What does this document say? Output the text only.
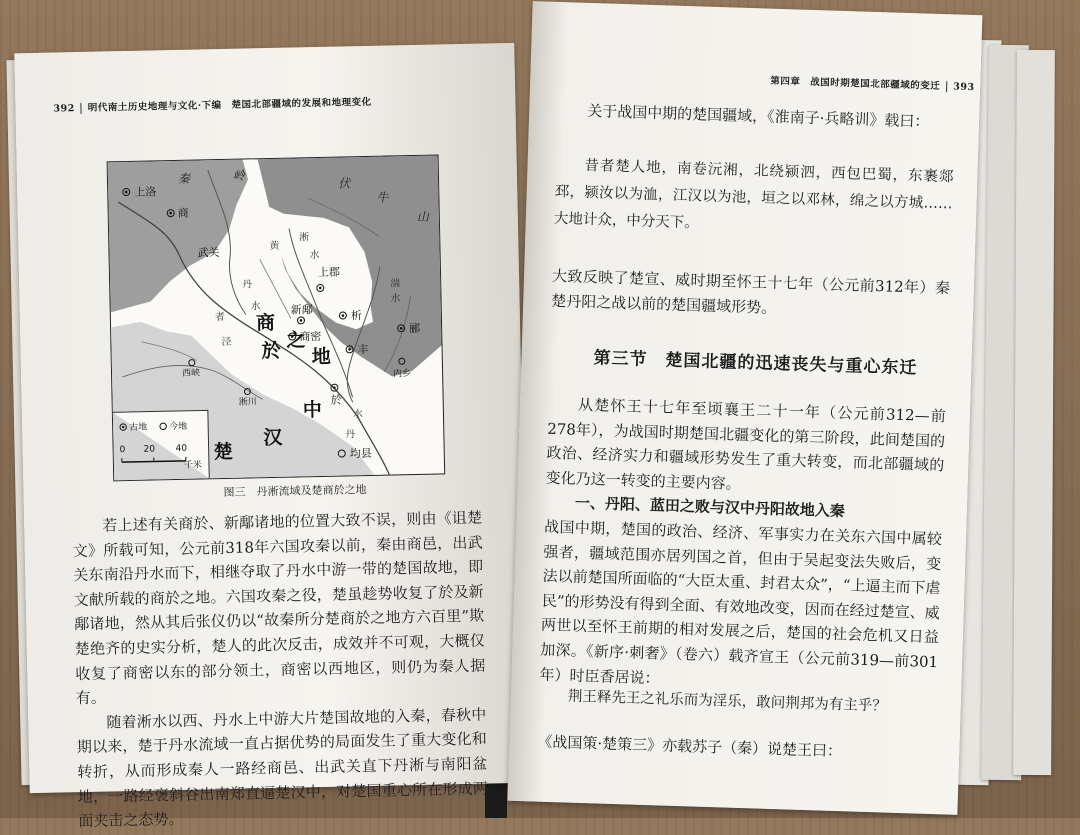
392 明代南土历史地理与文化·下编　 楚国北部疆域的发展和地理变化
上洛
商
武关
上郡
新鄅	析
商密
丰
郦
於
均县
内乡
西峡
淅川
商
於 之
地
中
汉
楚
秦	岭
伏
牛
山
丹
水
淅
水
黄
湍
水
者
泾
丹
水
古地 今地
0 20 40
千米
图三　丹淅流域及楚商於之地

若上述有关商於、新鄅诸地的位置大致不误，则由《诅楚文》所载可知，公元前318年六国攻秦以前，秦由商邑，出武关东南沿丹水而下，相继夺取了丹水中游一带的楚国故地，即文献所载的商於之地。六国攻秦之役，楚虽趁势收复了於及新鄅诸地，然从其后张仪仍以“故秦所分楚商於之地方六百里”欺楚绝齐的史实分析，楚人的此次反击，成效并不可观，大概仅收复了商密以东的部分领土，商密以西地区，则仍为秦人据有。

随着淅水以西、丹水上中游大片楚国故地的入秦，春秋中期以来，楚于丹水流域一直占据优势的局面发生了重大变化和转折，从而形成秦人一路经商邑、出武关直下丹淅与南阳盆地，一路经褒斜谷出南郑直逼楚汉中，对楚国重心所在形成两面夹击之态势。

第四章　战国时期楚国北部疆域的变迁 393

关于战国中期的楚国疆域，《淮南子·兵略训》载曰：

昔者楚人地，南卷沅湘，北绕颍泗，西包巴蜀，东裹郯邳，颍汝以为洫，江汉以为池，垣之以邓林，绵之以方城……大地计众，中分天下。

大致反映了楚宣、威时期至怀王十七年（公元前312年）秦楚丹阳之战以前的楚国疆域形势。

第三节　楚国北疆的迅速丧失与重心东迁

从楚怀王十七年至顷襄王二十一年（公元前312—前278年），为战国时期楚国北疆变化的第三阶段，此间楚国的政治、经济实力和疆域形势发生了重大转变，而北部疆域的变化乃这一转变的主要内容。

一、丹阳、蓝田之败与汉中丹阳故地入秦

战国中期，楚国的政治、经济、军事实力在关东六国中属较强者，疆域范围亦居列国之首，但由于吴起变法失败后，变法以前楚国所面临的“大臣太重、封君太众”，“上逼主而下虐民”的形势没有得到全面、有效地改变，因而在经过楚宣、威两世以至怀王前期的相对发展之后，楚国的社会危机又日益加深。《新序·刺奢》（卷六）载齐宣王（公元前319—前301年）时臣香居说：

荆王释先王之礼乐而为淫乐，敢问荆邦为有主乎？

《战国策·楚策三》亦载苏子（秦）说楚王曰：
